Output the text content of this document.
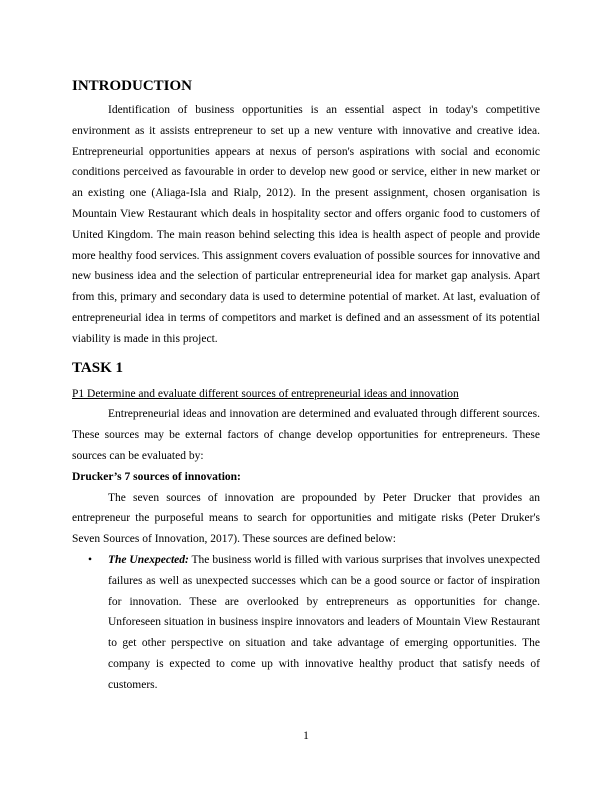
INTRODUCTION

Identification of business opportunities is an essential aspect in today's competitive environment as it assists entrepreneur to set up a new venture with innovative and creative idea. Entrepreneurial opportunities appears at nexus of person's aspirations with social and economic conditions perceived as favourable in order to develop new good or service, either in new market or an existing one (Aliaga-Isla and Rialp, 2012). In the present assignment, chosen organisation is Mountain View Restaurant which deals in hospitality sector and offers organic food to customers of United Kingdom. The main reason behind selecting this idea is health aspect of people and provide more healthy food services. This assignment covers evaluation of possible sources for innovative and new business idea and the selection of particular entrepreneurial idea for market gap analysis. Apart from this, primary and secondary data is used to determine potential of market. At last, evaluation of entrepreneurial idea in terms of competitors and market is defined and an assessment of its potential viability is made in this project.

TASK 1

P1 Determine and evaluate different sources of entrepreneurial ideas and innovation

Entrepreneurial ideas and innovation are determined and evaluated through different sources. These sources may be external factors of change develop opportunities for entrepreneurs. These sources can be evaluated by:

Drucker’s 7 sources of innovation:

The seven sources of innovation are propounded by Peter Drucker that provides an entrepreneur the purposeful means to search for opportunities and mitigate risks (Peter Druker's Seven Sources of Innovation, 2017). These sources are defined below:

• The Unexpected: The business world is filled with various surprises that involves unexpected failures as well as unexpected successes which can be a good source or factor of inspiration for innovation. These are overlooked by entrepreneurs as opportunities for change. Unforeseen situation in business inspire innovators and leaders of Mountain View Restaurant to get other perspective on situation and take advantage of emerging opportunities. The company is expected to come up with innovative healthy product that satisfy needs of customers.
1
